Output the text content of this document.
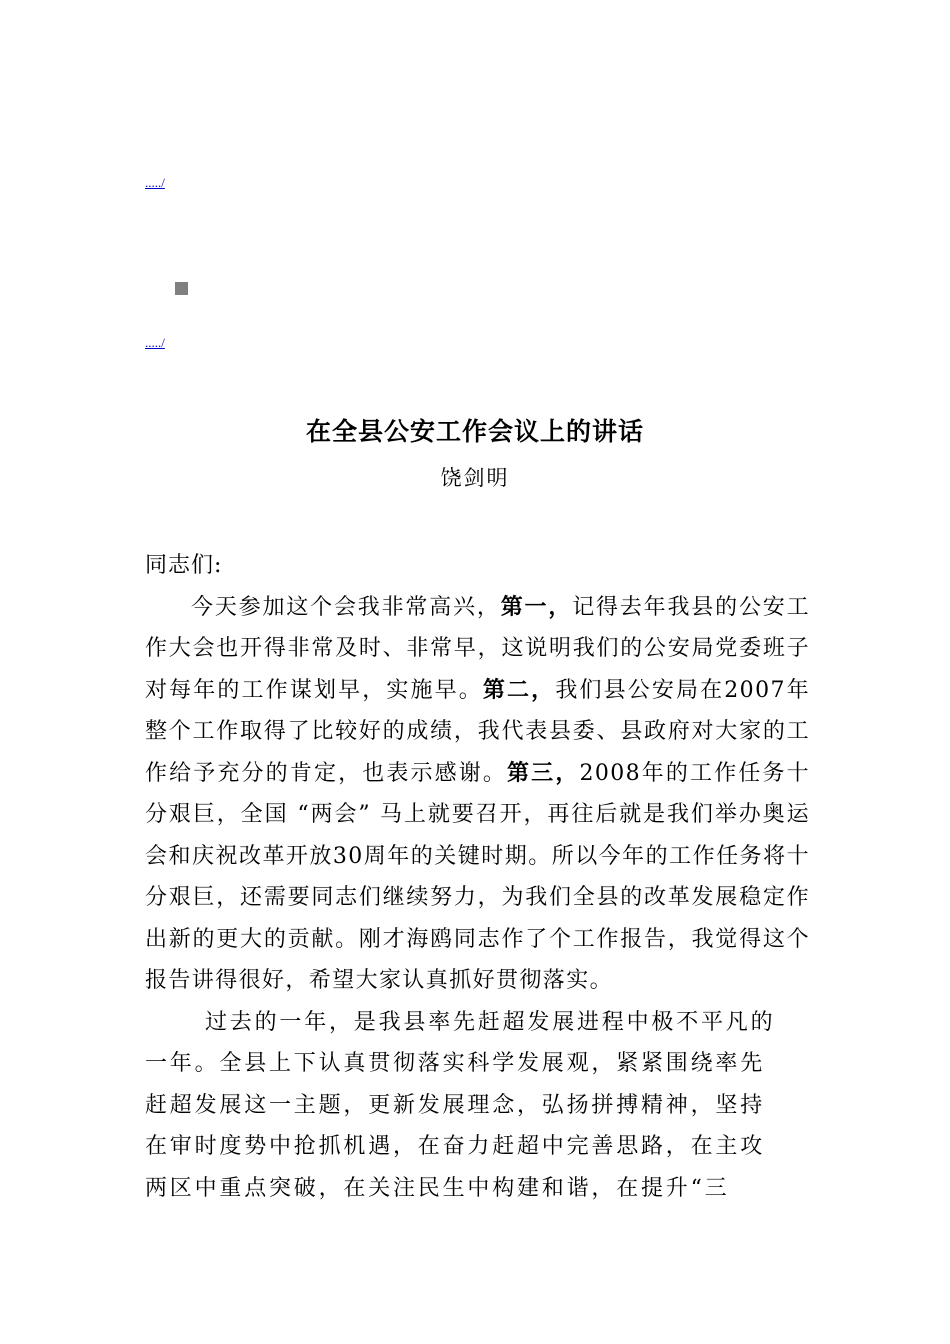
...../
...../
在全县公安工作会议上的讲话
饶剑明

同志们:

今天参加这个会我非常高兴，第一，记得去年我县的公安工作大会也开得非常及时、非常早，这说明我们的公安局党委班子对每年的工作谋划早，实施早。第二，我们县公安局在2007年整个工作取得了比较好的成绩，我代表县委、县政府对大家的工作给予充分的肯定，也表示感谢。第三，2008年的工作任务十分艰巨，全国 “两会” 马上就要召开，再往后就是我们举办奥运会和庆祝改革开放30周年的关键时期。所以今年的工作任务将十分艰巨，还需要同志们继续努力，为我们全县的改革发展稳定作出新的更大的贡献。刚才海鸥同志作了个工作报告，我觉得这个报告讲得很好，希望大家认真抓好贯彻落实。

过去的一年，是我县率先赶超发展进程中极不平凡的一年。全县上下认真贯彻落实科学发展观，紧紧围绕率先赶超发展这一主题，更新发展理念，弘扬拼搏精神，坚持在审时度势中抢抓机遇，在奋力赶超中完善思路，在主攻两区中重点突破，在关注民生中构建和谐，在提升“三
